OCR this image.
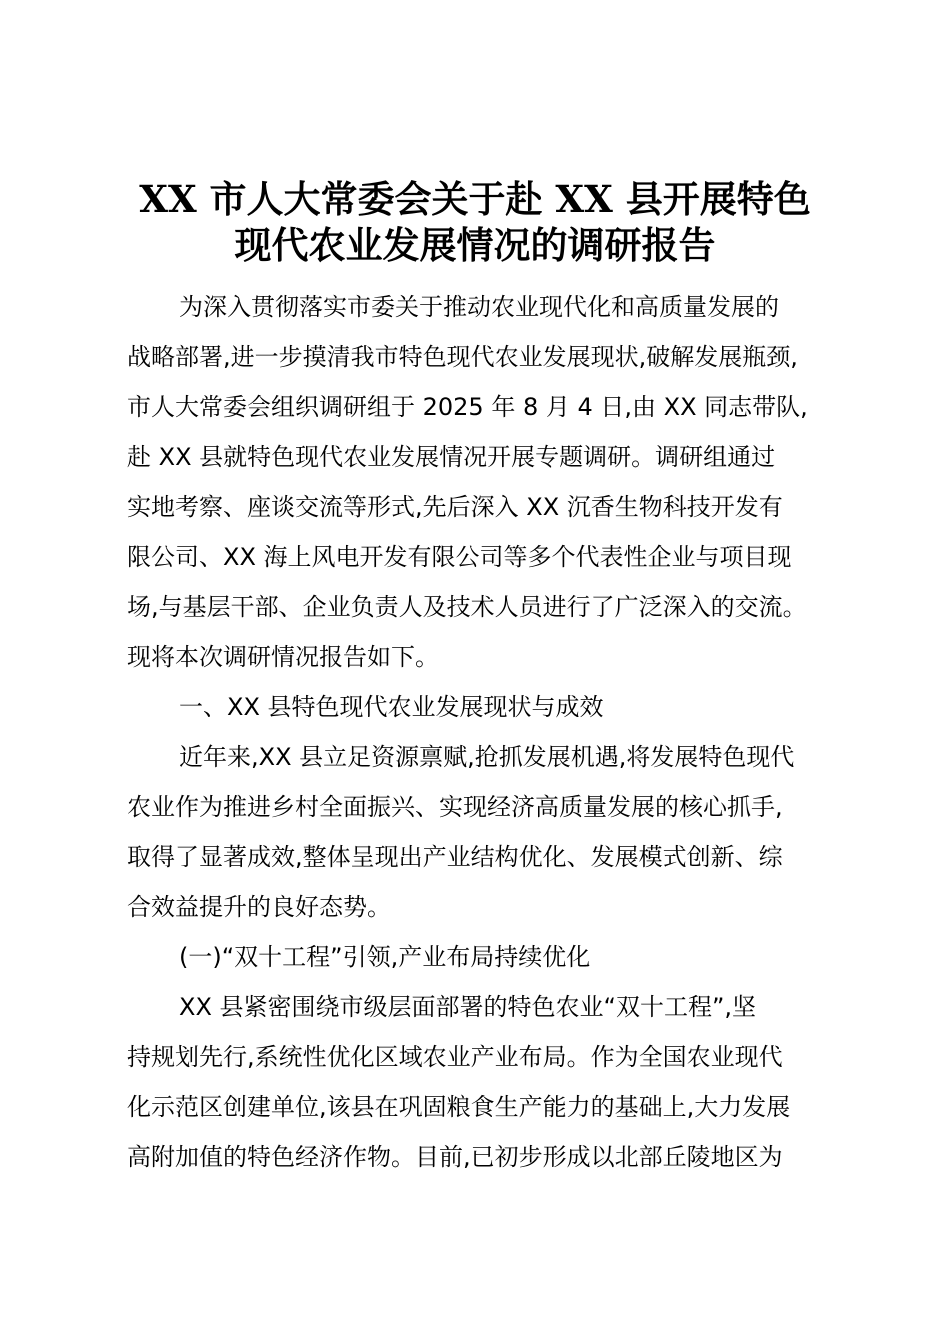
XX 市人大常委会关于赴 XX 县开展特色
现代农业发展情况的调研报告
为深入贯彻落实市委关于推动农业现代化和高质量发展的
战略部署,进一步摸清我市特色现代农业发展现状,破解发展瓶颈,
市人大常委会组织调研组于 2025 年 8 月 4 日,由 XX 同志带队,
赴 XX 县就特色现代农业发展情况开展专题调研。调研组通过
实地考察、座谈交流等形式,先后深入 XX 沉香生物科技开发有
限公司、XX 海上风电开发有限公司等多个代表性企业与项目现
场,与基层干部、企业负责人及技术人员进行了广泛深入的交流。
现将本次调研情况报告如下。
一、XX 县特色现代农业发展现状与成效
近年来,XX 县立足资源禀赋,抢抓发展机遇,将发展特色现代
农业作为推进乡村全面振兴、实现经济高质量发展的核心抓手,
取得了显著成效,整体呈现出产业结构优化、发展模式创新、综
合效益提升的良好态势。
(一)“双十工程”引领,产业布局持续优化
XX 县紧密围绕市级层面部署的特色农业“双十工程”,坚
持规划先行,系统性优化区域农业产业布局。作为全国农业现代
化示范区创建单位,该县在巩固粮食生产能力的基础上,大力发展
高附加值的特色经济作物。目前,已初步形成以北部丘陵地区为
